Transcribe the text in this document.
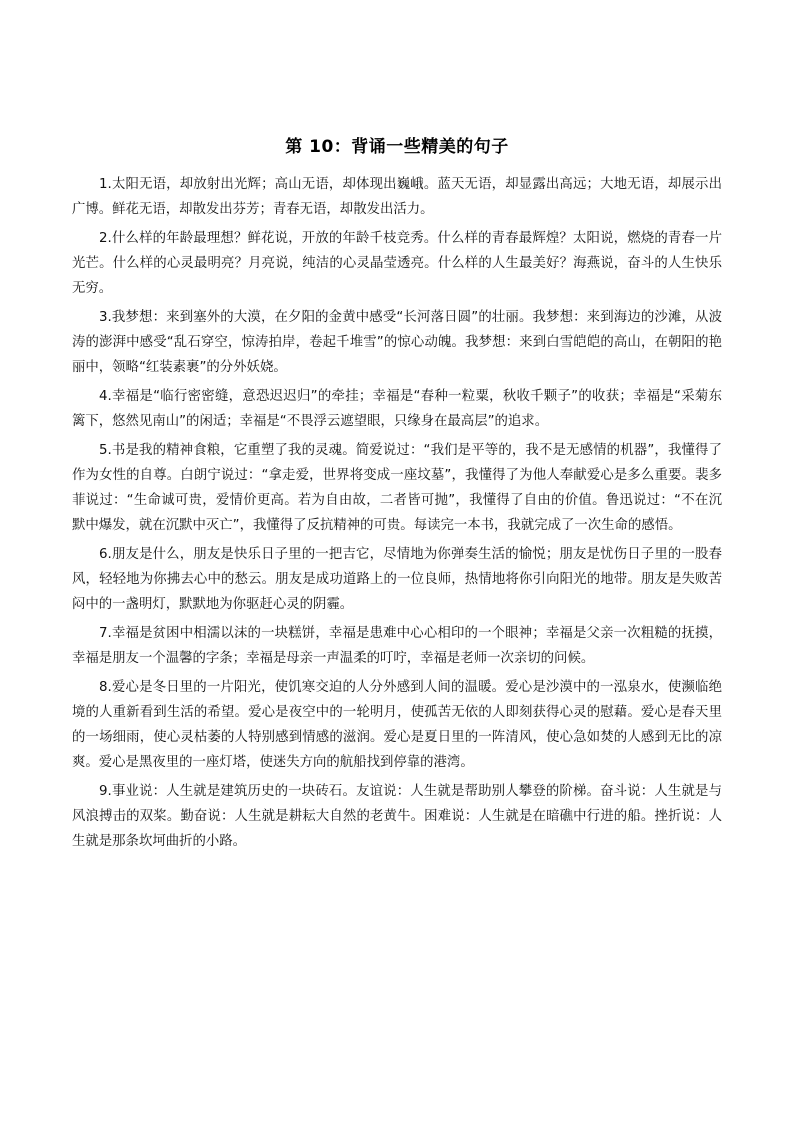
第 10：背诵一些精美的句子

1.太阳无语，却放射出光辉；高山无语，却体现出巍峨。蓝天无语，却显露出高远；大地无语，却展示出广博。鲜花无语，却散发出芬芳；青春无语，却散发出活力。

2.什么样的年龄最理想？鲜花说，开放的年龄千枝竞秀。什么样的青春最辉煌？太阳说，燃烧的青春一片光芒。什么样的心灵最明亮？月亮说，纯洁的心灵晶莹透亮。什么样的人生最美好？海燕说，奋斗的人生快乐无穷。

3.我梦想：来到塞外的大漠，在夕阳的金黄中感受“长河落日圆”的壮丽。我梦想：来到海边的沙滩，从波涛的澎湃中感受“乱石穿空，惊涛拍岸，卷起千堆雪”的惊心动魄。我梦想：来到白雪皑皑的高山，在朝阳的艳丽中，领略“红装素裹”的分外妖娆。

4.幸福是“临行密密缝，意恐迟迟归”的牵挂；幸福是“春种一粒粟，秋收千颗子”的收获；幸福是“采菊东篱下，悠然见南山”的闲适；幸福是“不畏浮云遮望眼，只缘身在最高层”的追求。

5.书是我的精神食粮，它重塑了我的灵魂。简爱说过：“我们是平等的，我不是无感情的机器”，我懂得了作为女性的自尊。白朗宁说过：“拿走爱，世界将变成一座坟墓”，我懂得了为他人奉献爱心是多么重要。裴多菲说过：“生命诚可贵，爱情价更高。若为自由故，二者皆可抛”，我懂得了自由的价值。鲁迅说过：“不在沉默中爆发，就在沉默中灭亡”，我懂得了反抗精神的可贵。每读完一本书，我就完成了一次生命的感悟。

6.朋友是什么，朋友是快乐日子里的一把吉它，尽情地为你弹奏生活的愉悦；朋友是忧伤日子里的一股春风，轻轻地为你拂去心中的愁云。朋友是成功道路上的一位良师，热情地将你引向阳光的地带。朋友是失败苦闷中的一盏明灯，默默地为你驱赶心灵的阴霾。

7.幸福是贫困中相濡以沫的一块糕饼，幸福是患难中心心相印的一个眼神；幸福是父亲一次粗糙的抚摸，幸福是朋友一个温馨的字条；幸福是母亲一声温柔的叮咛，幸福是老师一次亲切的问候。

8.爱心是冬日里的一片阳光，使饥寒交迫的人分外感到人间的温暖。爱心是沙漠中的一泓泉水，使濒临绝境的人重新看到生活的希望。爱心是夜空中的一轮明月，使孤苦无依的人即刻获得心灵的慰藉。爱心是春天里的一场细雨，使心灵枯萎的人特别感到情感的滋润。爱心是夏日里的一阵清风，使心急如焚的人感到无比的凉爽。爱心是黑夜里的一座灯塔，使迷失方向的航船找到停靠的港湾。

9.事业说：人生就是建筑历史的一块砖石。友谊说：人生就是帮助别人攀登的阶梯。奋斗说：人生就是与风浪搏击的双桨。勤奋说：人生就是耕耘大自然的老黄牛。困难说：人生就是在暗礁中行进的船。挫折说：人生就是那条坎坷曲折的小路。
